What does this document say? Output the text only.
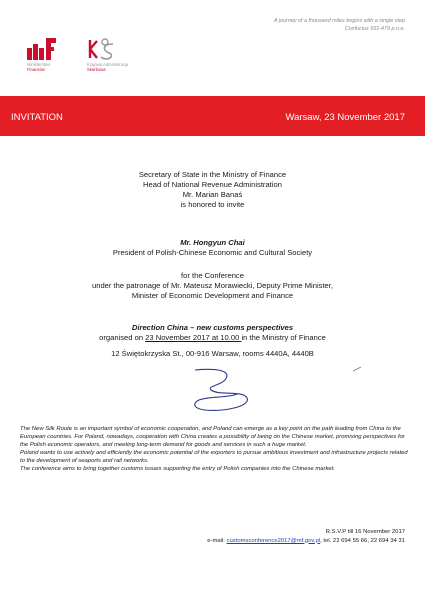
A journey of a thousand miles begins with a single step
Confucius 551-479 p.n.e.
Ministerstwo
Finansów
Krajowa Administracja
Skarbowa
INVITATION	Warsaw, 23 November 2017
Secretary of State in the Ministry of Finance
Head of National Revenue Administration
Mr. Marian Banaś
is honored to invite
Mr. Hongyun Chai
President of Polish-Chinese Economic and Cultural Society
for the Conference
under the patronage of Mr. Mateusz Morawiecki, Deputy Prime Minister,
Minister of Economic Development and Finance
Direction China – new customs perspectives
organised on 23 November 2017 at 10.00 in the Ministry of Finance
12 Świętokrzyska St., 00-916 Warsaw, rooms 4440A, 4440B

The New Silk Route is an important symbol of economic cooperation, and Poland can emerge as a key point on the path leading from China to the European countries. For Poland, nowadays, cooperation with China creates a possibility of being on the Chinese market, promising perspectives for the Polish economic operators, and meeting long-term demand for goods and services in such a huge market.

Poland wants to use actively and efficiently the economic potential of the exporters to pursue ambitious investment and infrastructure projects related to the development of seaports and rail networks.

The conference aims to bring together customs issues supporting the entry of Polish companies into the Chinese market.

R.S.V.P till 16 November 2017
e-mail: customsconference2017@mf.gov.pl, tel. 22 694 55 66, 22 694 34 31
